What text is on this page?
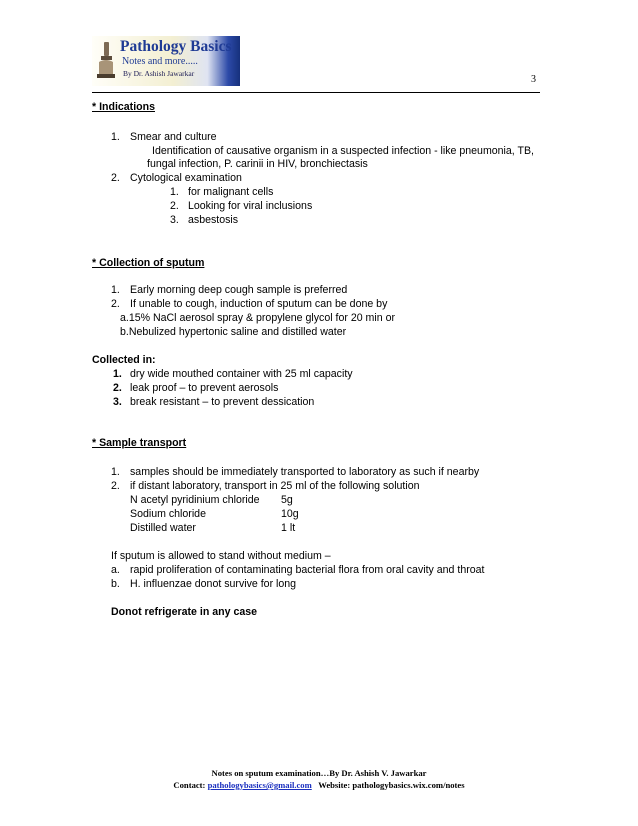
Pathology Basics
Notes and more.....
By Dr. Ashish Jawarkar
3
* Indications
1. Smear and culture
Identification of causative organism in a suspected infection - like pneumonia, TB,
fungal infection, P. carinii in HIV, bronchiectasis
2. Cytological examination
1. for malignant cells
2. Looking for viral inclusions
3. asbestosis
* Collection of sputum
1. Early morning deep cough sample is preferred
2. If unable to cough, induction of sputum can be done by
a.15% NaCl aerosol spray & propylene glycol for 20 min or
b.Nebulized hypertonic saline and distilled water
Collected in:
1. dry wide mouthed container with 25 ml capacity
2. leak proof – to prevent aerosols
3. break resistant – to prevent dessication
* Sample transport
1. samples should be immediately transported to laboratory as such if nearby
2. if distant laboratory, transport in 25 ml of the following solution
N acetyl pyridinium chloride 5g
Sodium chloride	10g
Distilled water	1 lt
If sputum is allowed to stand without medium –
a. rapid proliferation of contaminating bacterial flora from oral cavity and throat
b. H. influenzae donot survive for long
Donot refrigerate in any case
Notes on sputum examination…By Dr. Ashish V. Jawarkar
Contact: pathologybasics@gmail.com Website: pathologybasics.wix.com/notes
